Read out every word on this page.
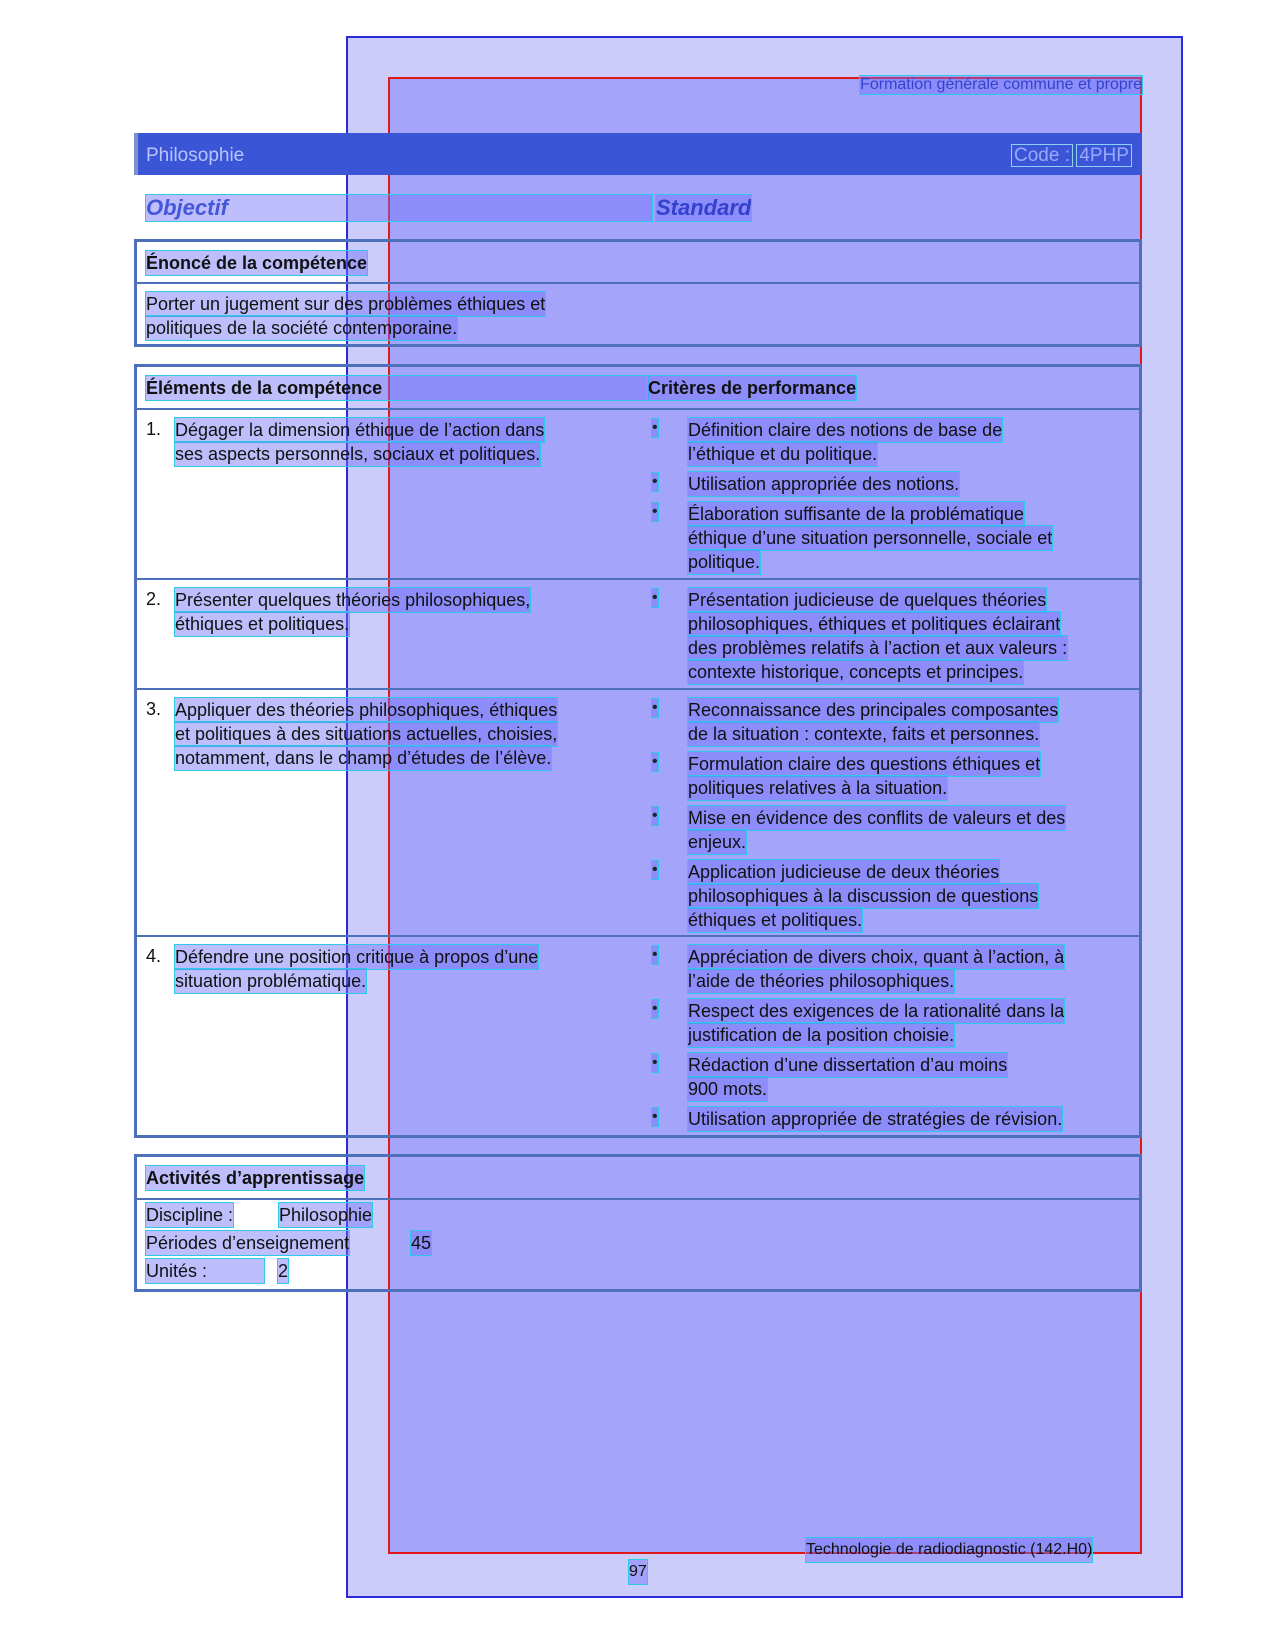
Formation générale commune et propre
Philosophie	Code : 4PHP
Objectif	Standard
Énoncé de la compétence
Porter un jugement sur des problèmes éthiques et
politiques de la société contemporaine.
Éléments de la compétence	Critères de performance
1. Dégager la dimension éthique de l’action dans
ses aspects personnels, sociaux et politiques.
• Définition claire des notions de base de
l’éthique et du politique.
• Utilisation appropriée des notions.
• Élaboration suffisante de la problématique
éthique d’une situation personnelle, sociale et
politique.
2. Présenter quelques théories philosophiques,
éthiques et politiques.
• Présentation judicieuse de quelques théories
philosophiques, éthiques et politiques éclairant
des problèmes relatifs à l’action et aux valeurs :
contexte historique, concepts et principes.
3. Appliquer des théories philosophiques, éthiques
et politiques à des situations actuelles, choisies,
notamment, dans le champ d’études de l’élève.
• Reconnaissance des principales composantes
de la situation : contexte, faits et personnes.
• Formulation claire des questions éthiques et
politiques relatives à la situation.
• Mise en évidence des conflits de valeurs et des
enjeux.
• Application judicieuse de deux théories
philosophiques à la discussion de questions
éthiques et politiques.
4. Défendre une position critique à propos d’une
situation problématique.
• Appréciation de divers choix, quant à l’action, à
l’aide de théories philosophiques.
• Respect des exigences de la rationalité dans la
justification de la position choisie.
• Rédaction d’une dissertation d’au moins
900 mots.
• Utilisation appropriée de stratégies de révision.
Activités d’apprentissage
Discipline :	Philosophie
Périodes d’enseignement	45
Unités :	2
Technologie de radiodiagnostic (142.H0)
97
